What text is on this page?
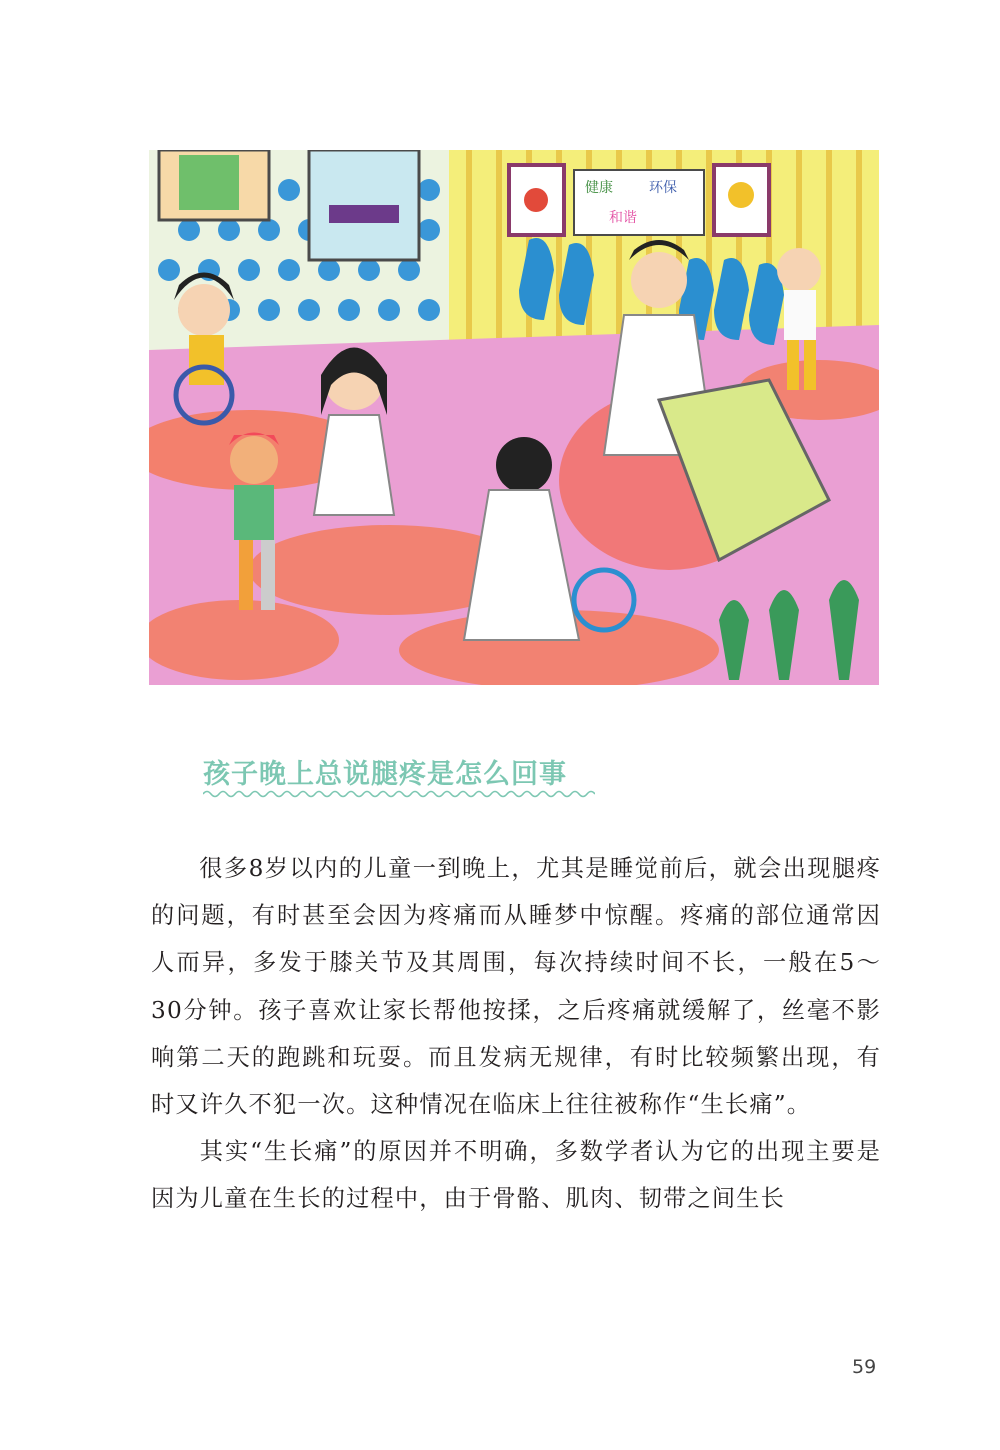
健康	环保
和谐
孩子晚上总说腿疼是怎么回事

很多8岁以内的儿童一到晚上，尤其是睡觉前后，就会出现腿疼的问题，有时甚至会因为疼痛而从睡梦中惊醒。疼痛的部位通常因人而异，多发于膝关节及其周围，每次持续时间不长，一般在5～30分钟。孩子喜欢让家长帮他按揉，之后疼痛就缓解了，丝毫不影响第二天的跑跳和玩耍。而且发病无规律，有时比较频繁出现，有时又许久不犯一次。这种情况在临床上往往被称作“生长痛”。

其实“生长痛”的原因并不明确，多数学者认为它的出现主要是因为儿童在生长的过程中，由于骨骼、肌肉、韧带之间生长

59
